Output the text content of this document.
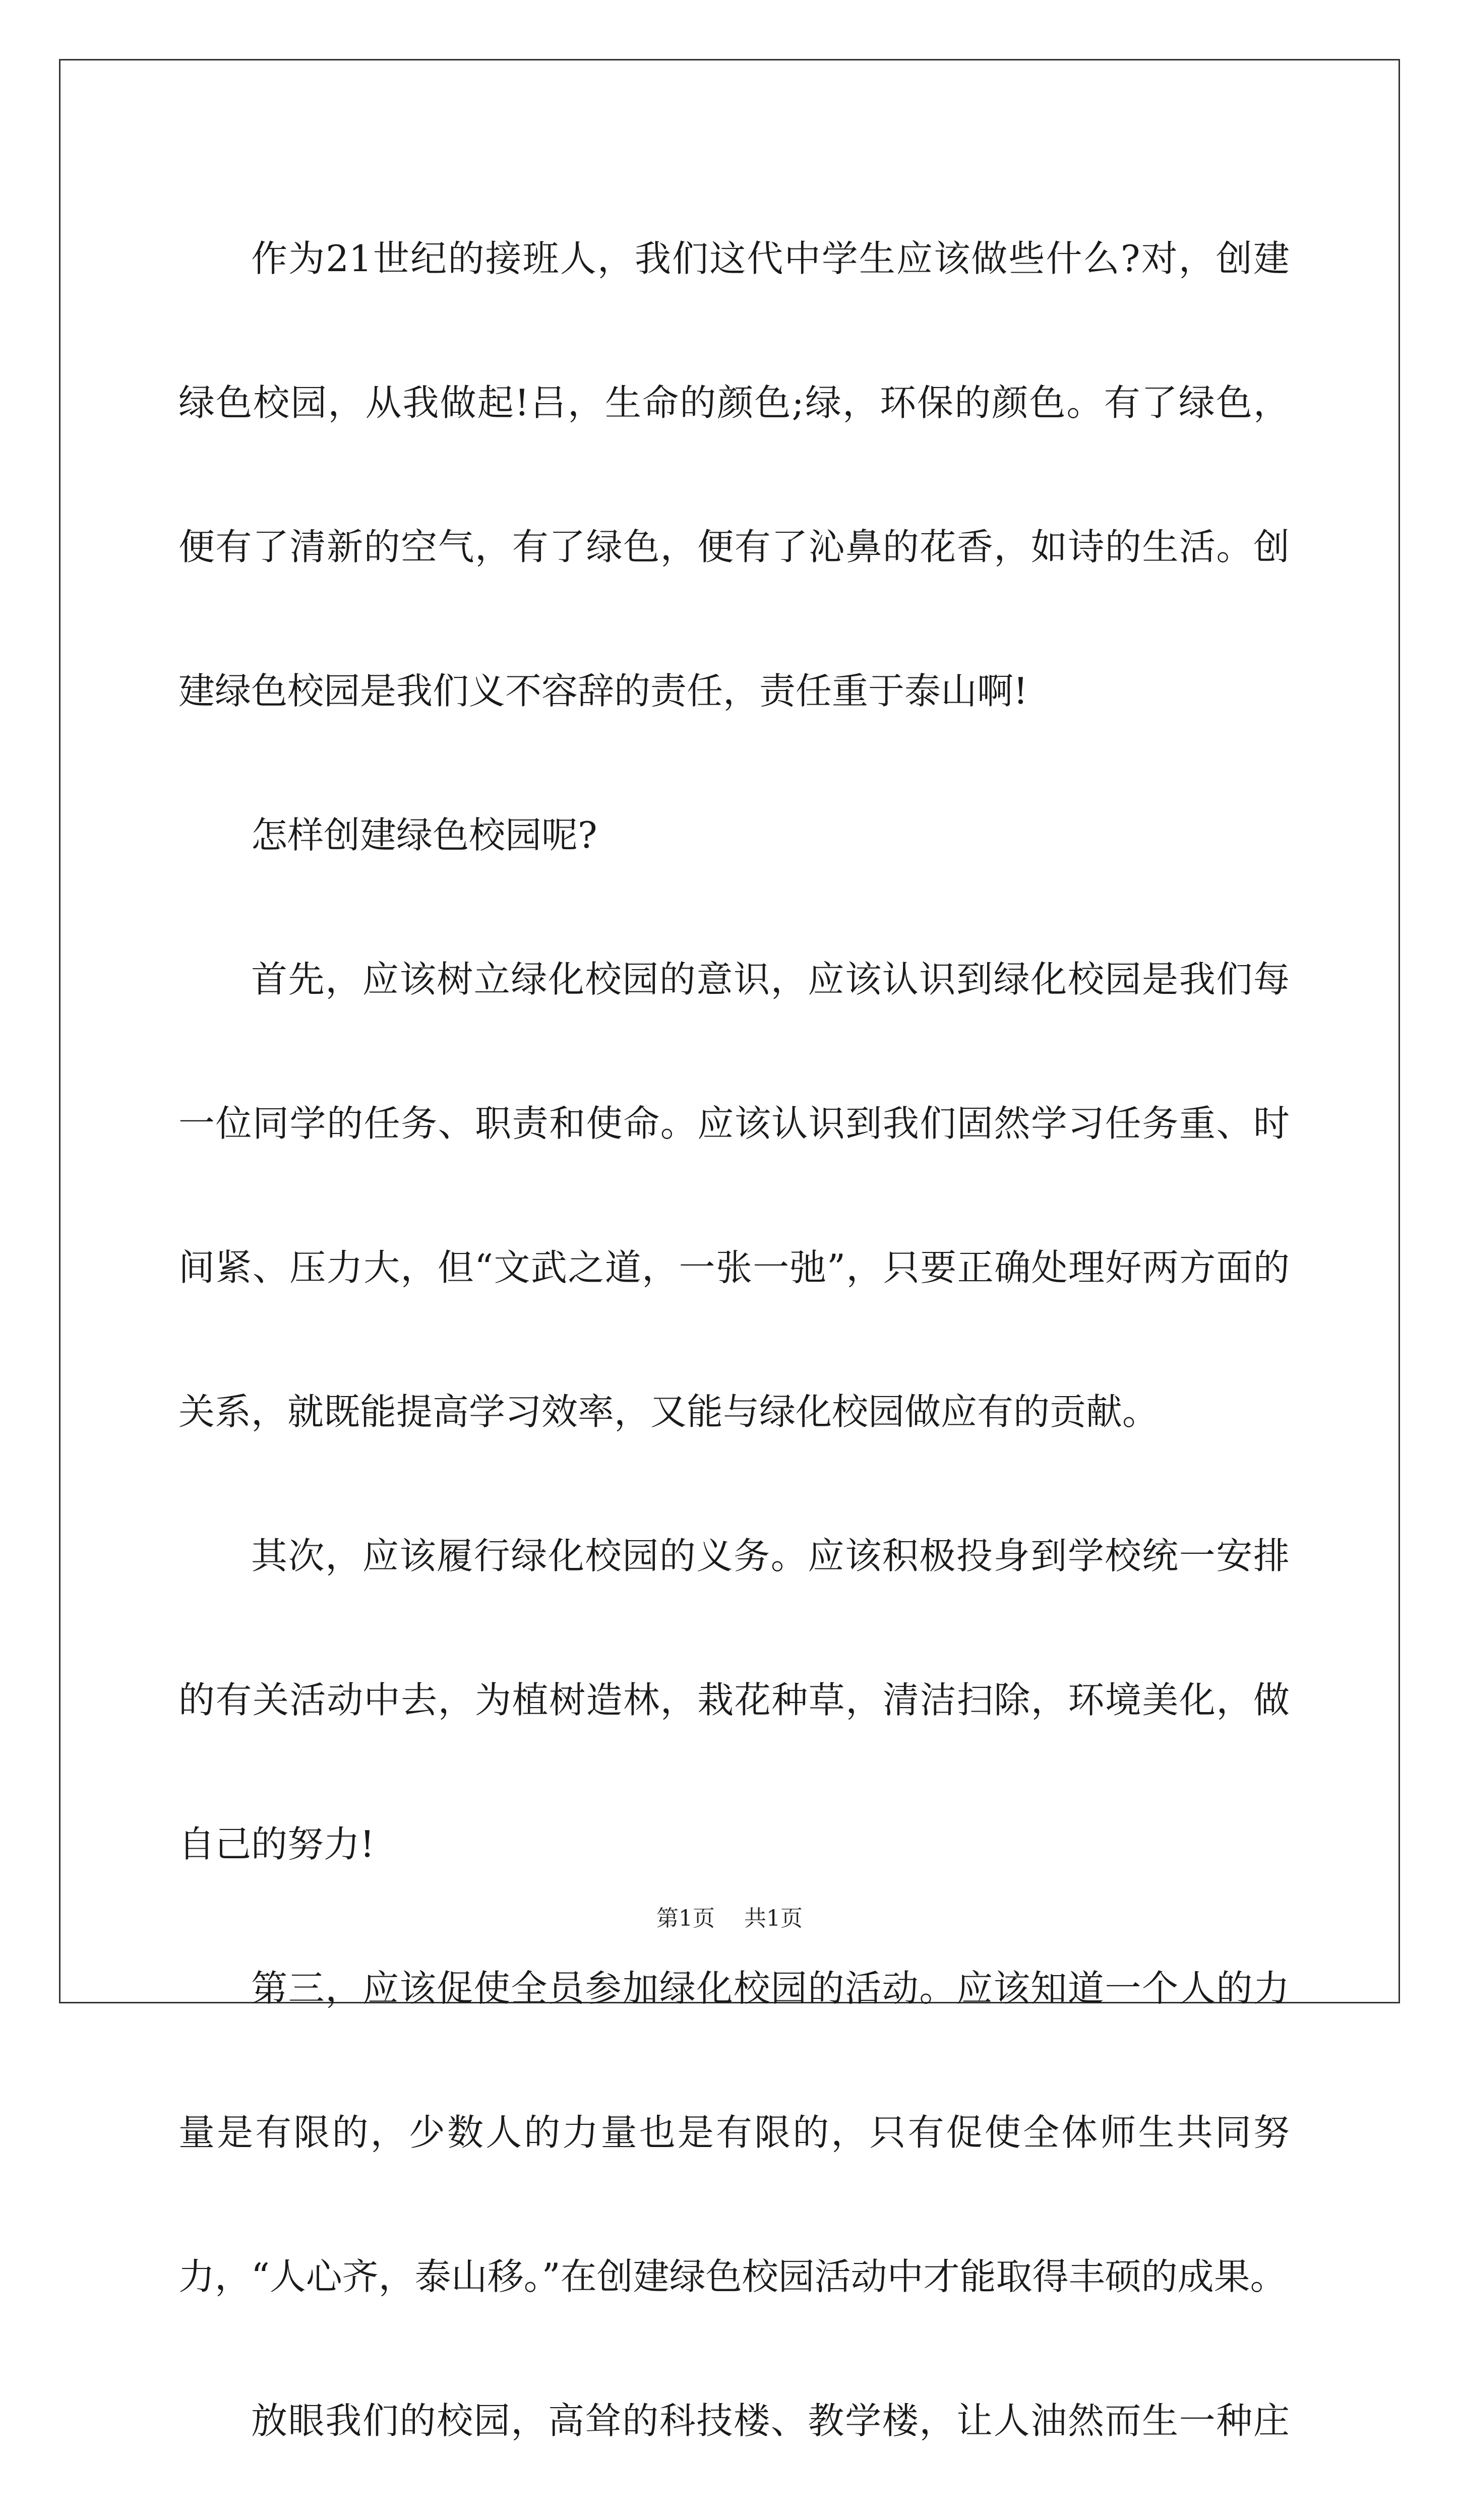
作为21世纪的接班人，我们这代中学生应该做些什么?对，创建绿色校园，从我做起!吕，生命的颜色;绿，环保的颜色。有了绿色，便有了清新的空气，有了绿色，便有了沁鼻的花香，如诗的生活。创建绿色校园是我们义不容辞的责任，责任重于泰山啊!

怎样创建绿色校园呢?

首先，应该树立绿化校园的意识，应该认识到绿化校园是我们每一位同学的任务、职责和使命。应该认识到我们固然学习任务重、时间紧、压力大，但“文武之道，一张一弛”，只要正确处理好两方面的关系，就既能提高学习效率，又能与绿化校园做应有的贡献。

其次，应该履行绿化校园的义务。应该积极投身到学校统一安排的有关活动中去，为植树造林，栽花种草，清洁扫除，环境美化，做自己的努力!

第三，应该促使全员参加绿化校园的活动。应该知道一个人的力量是有限的，少数人的力量也是有限的，只有促使全体师生共同努力，“人心齐，泰山移。”在创建绿色校园活动中才能取得丰硕的成果。

放眼我们的校园，高耸的科技楼、教学楼，让人油然而生一种庄

第1页 共1页
